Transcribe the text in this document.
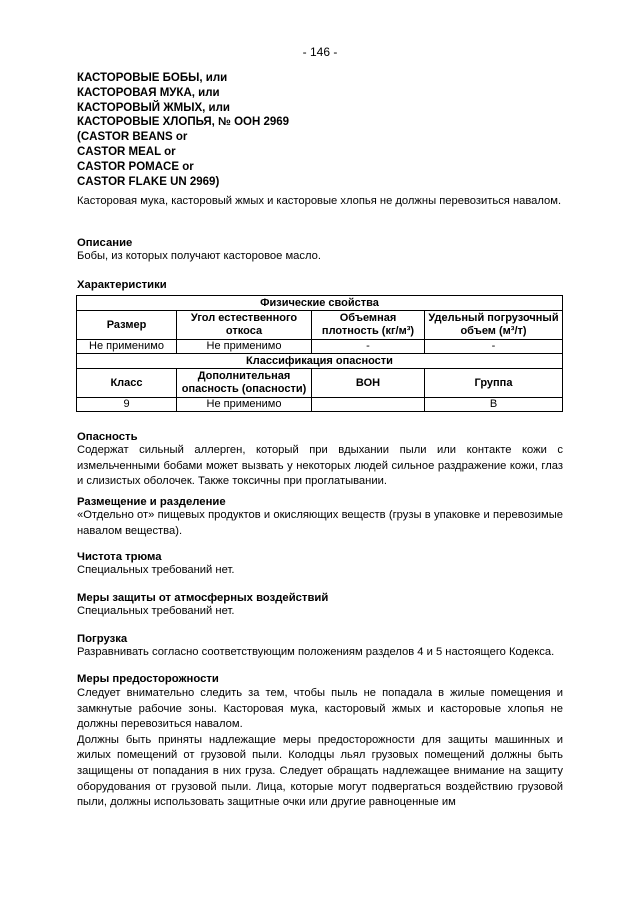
- 146 -
КАСТОРОВЫЕ БОБЫ, или
КАСТОРОВАЯ МУКА, или
КАСТОРОВЫЙ ЖМЫХ, или
КАСТОРОВЫЕ ХЛОПЬЯ, № ООН 2969
(CASTOR BEANS or
CASTOR MEAL or
CASTOR POMACE or
CASTOR FLAKE UN 2969)
Касторовая мука, касторовый жмых и касторовые хлопья не должны перевозиться навалом.
Описание
Бобы, из которых получают касторовое масло.
Характеристики
Физические свойства			
Размер	Угол естественного откоса	Объемная плотность (кг/м³)	Удельный погрузочный объем (м³/т)
Не применимо	Не применимо	-	-
Классификация опасности			
Класс	Дополнительная опасность (опасности)	ВОН	Группа
9	Не применимо		В
Опасность
Содержат сильный аллерген, который при вдыхании пыли или контакте кожи с измельченными бобами может вызвать у некоторых людей сильное раздражение кожи, глаз и слизистых оболочек. Также токсичны при проглатывании.
Размещение и разделение
«Отдельно от» пищевых продуктов и окисляющих веществ (грузы в упаковке и перевозимые навалом вещества).
Чистота трюма
Специальных требований нет.
Меры защиты от атмосферных воздействий
Специальных требований нет.
Погрузка
Разравнивать согласно соответствующим положениям разделов 4 и 5 настоящего Кодекса.
Меры предосторожности
Следует внимательно следить за тем, чтобы пыль не попадала в жилые помещения и замкнутые рабочие зоны. Касторовая мука, касторовый жмых и касторовые хлопья не должны перевозиться навалом.
Должны быть приняты надлежащие меры предосторожности для защиты машинных и жилых помещений от грузовой пыли. Колодцы льял грузовых помещений должны быть защищены от попадания в них груза. Следует обращать надлежащее внимание на защиту оборудования от грузовой пыли. Лица, которые могут подвергаться воздействию грузовой пыли, должны использовать защитные очки или другие равноценные им
